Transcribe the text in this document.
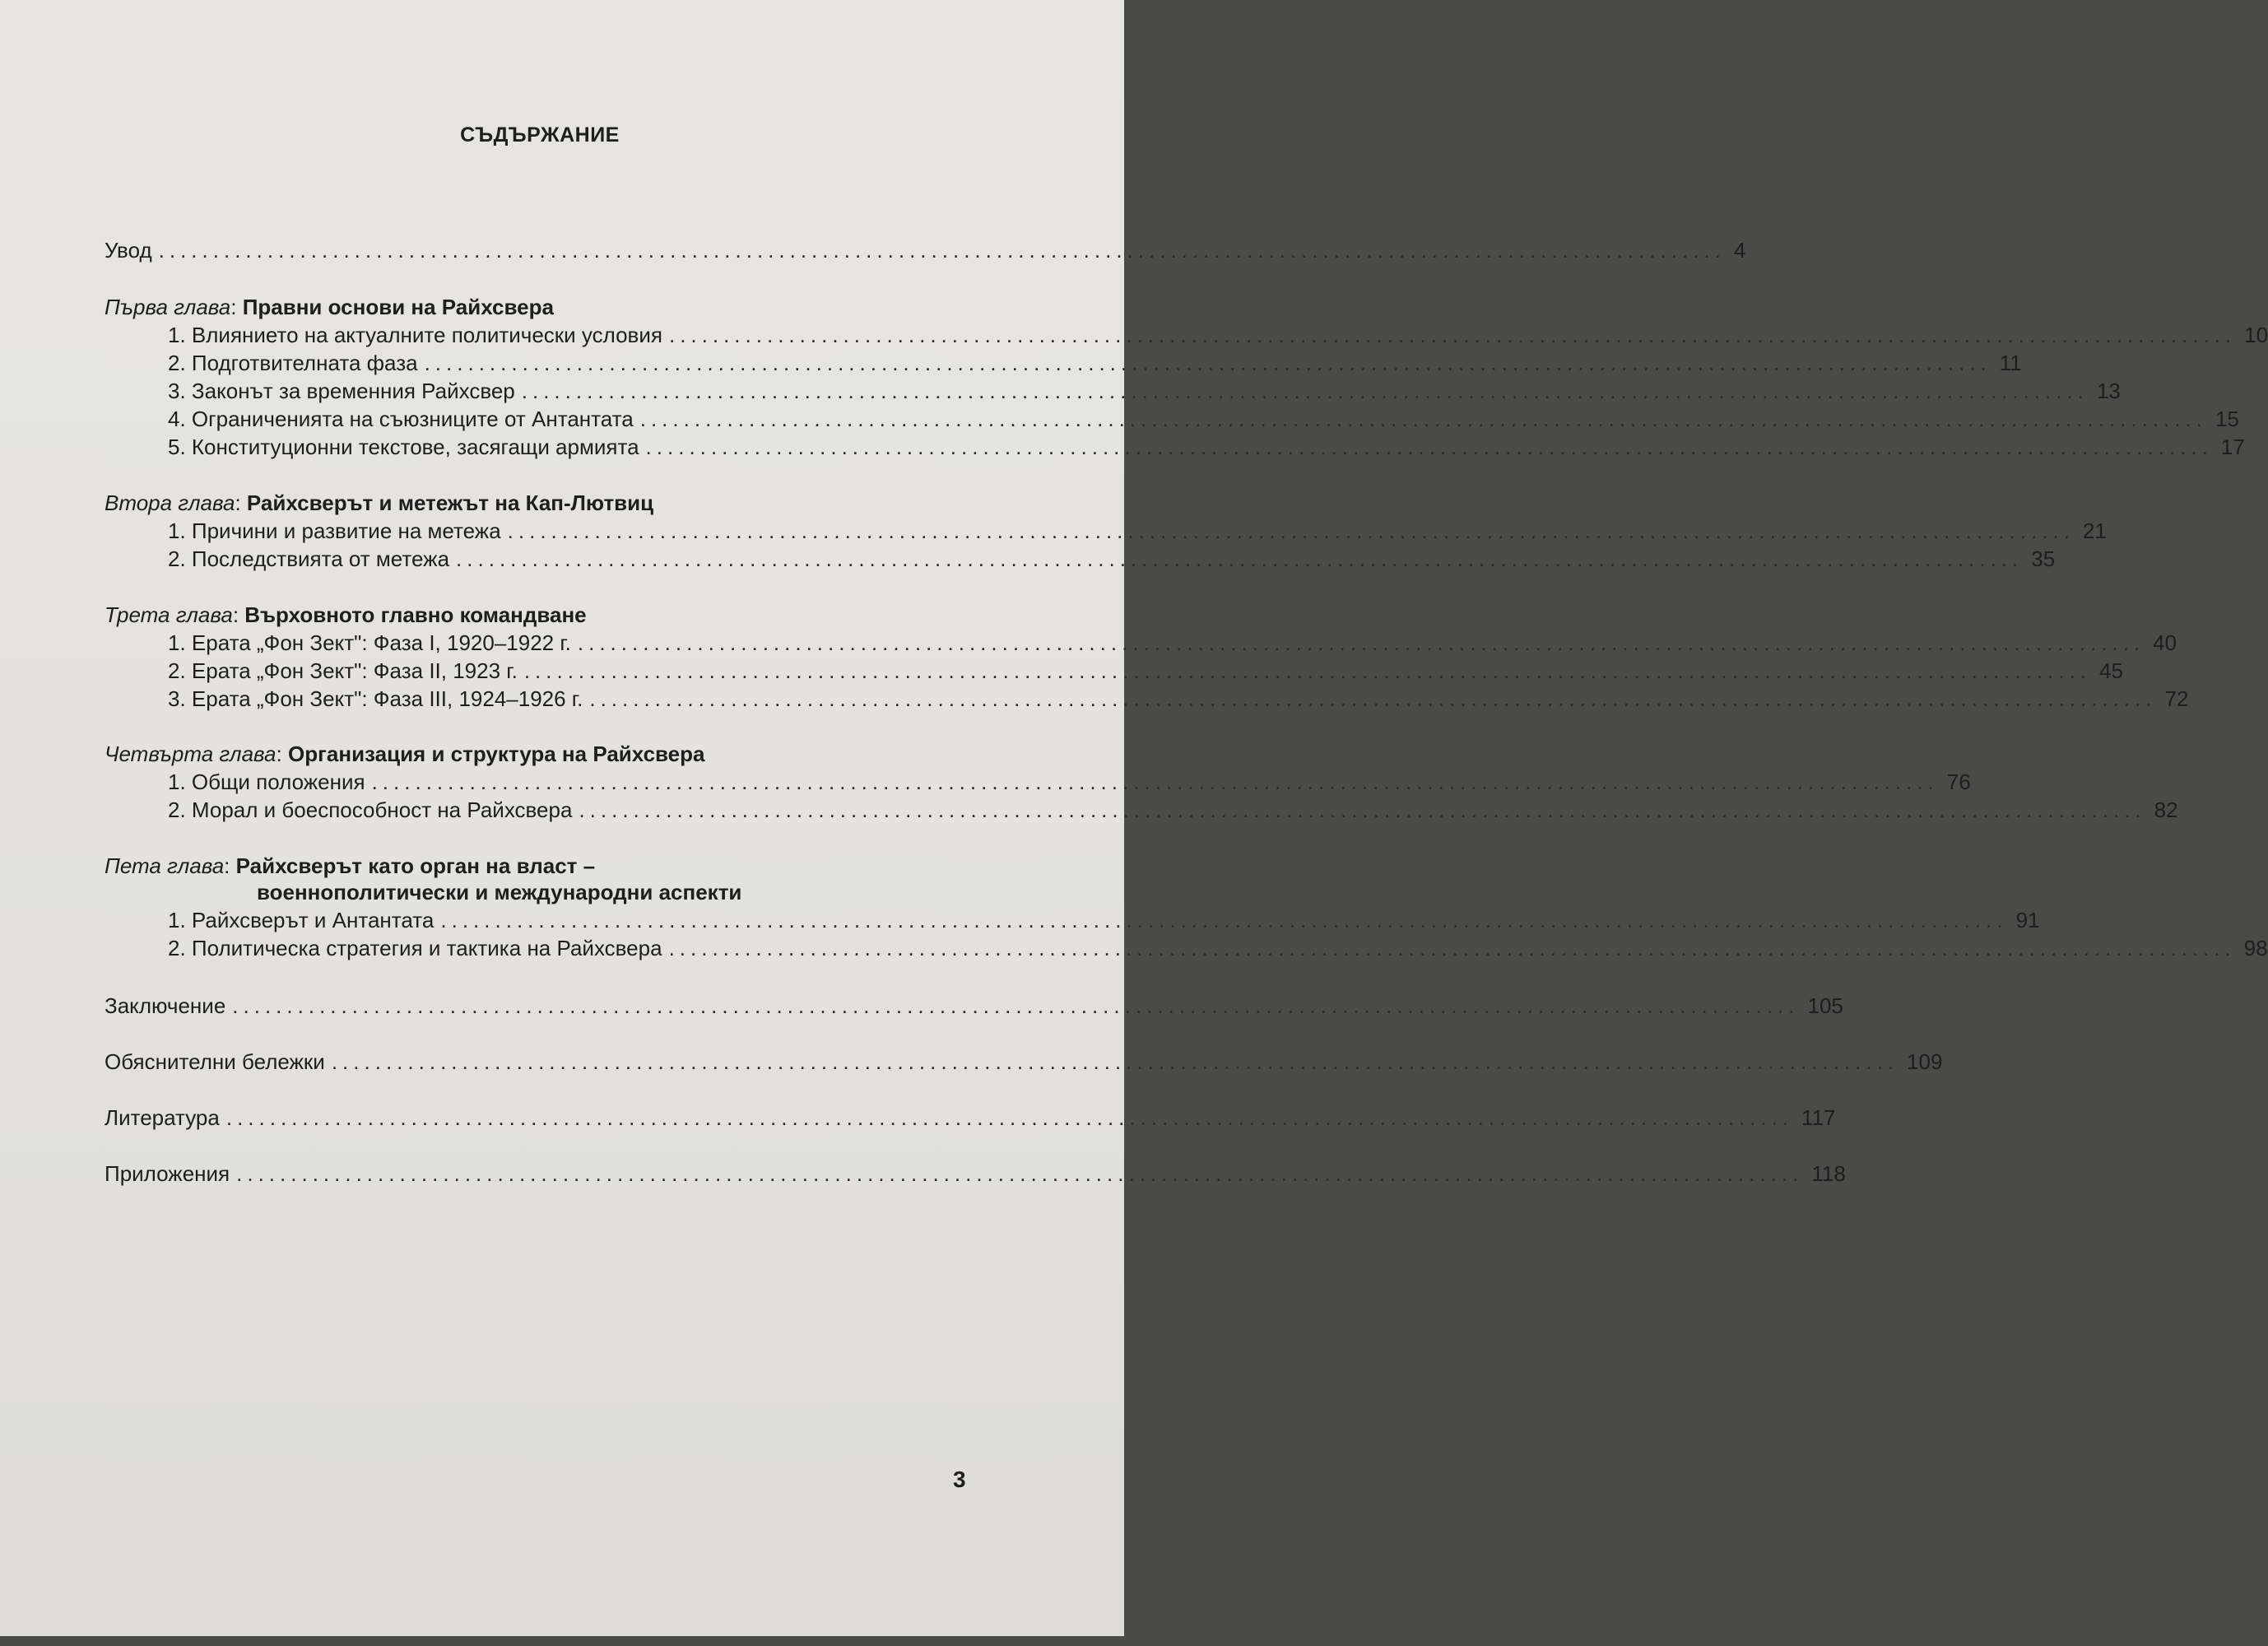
СЪДЪРЖАНИЕ
Увод ................................................................................................................................................ 4
Първа глава: Правни основи на Райхсвера
1. Влиянието на актуалните политически условия ................................................................................................................................................ 10
2. Подготвителната фаза ................................................................................................................................................ 11
3. Законът за временния Райхсвер ................................................................................................................................................ 13
4. Ограниченията на съюзниците от Антантата ................................................................................................................................................ 15
5. Конституционни текстове, засягащи армията ................................................................................................................................................ 17
Втора глава: Райхсверът и метежът на Кап-Лютвиц
1. Причини и развитие на метежа ................................................................................................................................................ 21
2. Последствията от метежа ................................................................................................................................................ 35
Трета глава: Върховното главно командване
1. Ерата „Фон Зект": Фаза I, 1920–1922 г. ................................................................................................................................................ 40
2. Ерата „Фон Зект": Фаза II, 1923 г. ................................................................................................................................................ 45
3. Ерата „Фон Зект": Фаза III, 1924–1926 г. ................................................................................................................................................ 72
Четвърта глава: Организация и структура на Райхсвера
1. Общи положения ................................................................................................................................................ 76
2. Морал и боеспособност на Райхсвера ................................................................................................................................................ 82
Пета глава: Райхсверът като орган на власт –
военнополитически и международни аспекти
1. Райхсверът и Антантата ................................................................................................................................................ 91
2. Политическа стратегия и тактика на Райхсвера ................................................................................................................................................ 98
Заключение ................................................................................................................................................ 105
Обяснителни бележки ................................................................................................................................................ 109
Литература ................................................................................................................................................ 117
Приложения ................................................................................................................................................ 118
3
